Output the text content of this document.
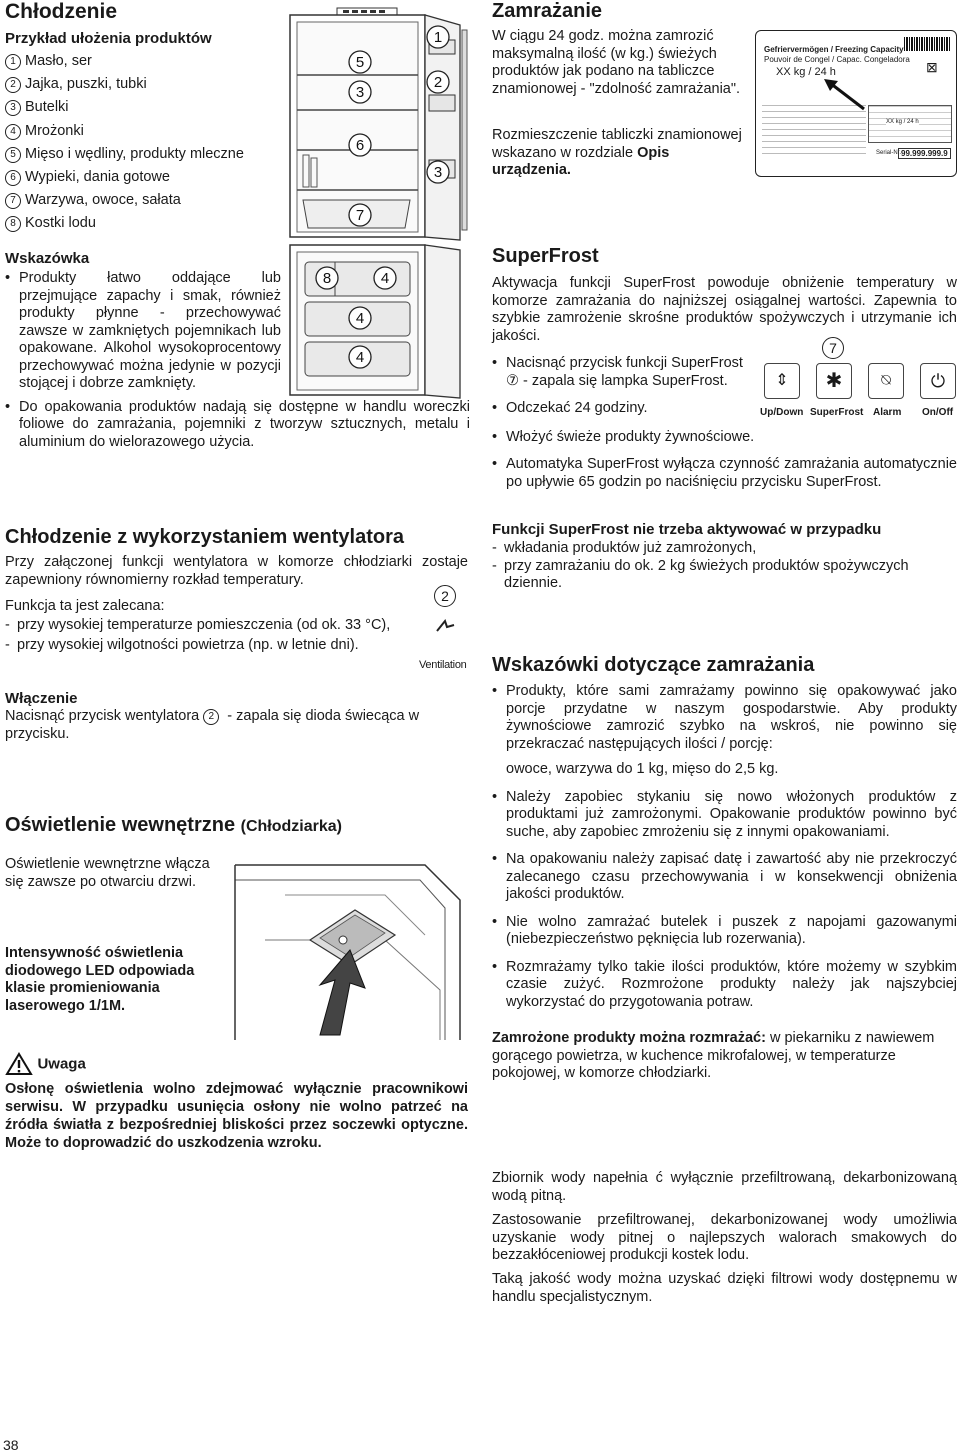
Chłodzenie
Przykład ułożenia produktów
1 Masło, ser
2 Jajka, puszki, tubki
3 Butelki
4 Mrożonki
5 Mięso i wędliny, produkty mleczne
6 Wypieki, dania gotowe
7 Warzywa, owoce, sałata
8 Kostki lodu
Wskazówka
• Produkty łatwo oddające lub przejmujące zapachy i smak, również produkty płynne - przechowywać zawsze w zamkniętych pojemnikach lub opakowane. Alkohol wysokoprocentowy przechowywać można jedynie w pozycji stojącej i dobrze zamknięty.
• Do opakowania produktów nadają się dostępne w handlu woreczki foliowe do zamrażania, pojemniki z tworzyw sztucznych, metalu i aluminium do wielorazowego użycia.
Chłodzenie z wykorzystaniem wentylatora
Przy załączonej funkcji wentylatora w komorze chłodziarki zostaje zapewniony równomierny rozkład temperatury.
Funkcja ta jest zalecana:
- przy wysokiej temperaturze pomieszczenia (od ok. 33 °C),
- przy wysokiej wilgotności powietrza (np. w letnie dni).
2
Ventilation
Włączenie
Nacisnąć przycisk wentylatora 2 - zapala się dioda świecąca w przycisku.
Oświetlenie wewnętrzne (Chłodziarka)
Oświetlenie wewnętrzne włącza się zawsze po otwarciu drzwi.
Intensywność oświetlenia diodowego LED odpowiada klasie promieniowania laserowego 1/1M.
Uwaga
Osłonę oświetlenia wolno zdejmować wyłącznie pracownikowi serwisu. W przypadku usunięcia osłony nie wolno patrzeć na źródła światła z bezpośredniej bliskości przez soczewki optyczne. Może to doprowadzić do uszkodzenia wzroku.
5
3
6
7
1
2
3
8	4
4
4
Zamrażanie
W ciągu 24 godz. można zamrozić maksymalną ilość (w kg.) świeżych produktów jak podano na tabliczce znamionowej - "zdolność zamrażania".
Rozmieszczenie tabliczki znamionowej wskazano w rozdziale Opis urządzenia.
Gefriervermögen / Freezing Capacity
Pouvoir de Congel / Capac. Congeladora
XX kg / 24 h	⊠
XX kg / 24 h
Serial-Nr. 99.999.999.9
SuperFrost
Aktywacja funkcji SuperFrost powoduje obniżenie temperatury w komorze zamrażania do najniższej osiągalnej wartości. Zapewnia to szybkie zamrożenie skrośne produktów spożywczych i utrzymanie ich jakości.
• Nacisnąć przycisk funkcji SuperFrost ⑦ - zapala się lampka SuperFrost.
• Odczekać 24 godziny.
• Włożyć świeże produkty żywnościowe.
• Automatyka SuperFrost wyłącza czynność zamrażania automatycznie po upływie 65 godzin po naciśnięciu przycisku SuperFrost.
7
⇕	✱	⍉	⏻
Up/Down SuperFrost Alarm On/Off
Funkcji SuperFrost nie trzeba aktywować w przypadku
- wkładania produktów już zamrożonych,
- przy zamrażaniu do ok. 2 kg świeżych produktów spożywczych dziennie.
Wskazówki dotyczące zamrażania
• Produkty, które sami zamrażamy powinno się opakowywać jako porcje przydatne w naszym gospodarstwie. Aby produkty żywnościowe zamrozić szybko na wskroś, nie powinno się przekraczać następujących ilości / porcję:
owoce, warzywa do 1 kg, mięso do 2,5 kg.
• Należy zapobiec stykaniu się nowo włożonych produktów z produktami już zamrożonymi. Opakowanie produktów powinno być suche, aby zapobiec zmrożeniu się z innymi opakowaniami.
• Na opakowaniu należy zapisać datę i zawartość aby nie przekroczyć zalecanego czasu przechowywania i w konsekwencji obniżenia jakości produktów.
• Nie wolno zamrażać butelek i puszek z napojami gazowanymi (niebezpieczeństwo pęknięcia lub rozerwania).
• Rozmrażamy tylko takie ilości produktów, które możemy w szybkim czasie zużyć. Rozmrożone produkty należy jak najszybciej wykorzystać do przygotowania potraw.
Zamrożone produkty można rozmrażać: w piekarniku z nawiewem gorącego powietrza, w kuchence mikrofalowej, w temperaturze pokojowej, w komorze chłodziarki.
Zbiornik wody napełnia ć wyłącznie przefiltrowaną, dekarbonizowaną wodą pitną.
Zastosowanie przefiltrowanej, dekarbonizowanej wody umożliwia uzyskanie wody pitnej o najlepszych walorach smakowych do bezzakłóceniowej produkcji kostek lodu.
Taką jakość wody można uzyskać dzięki filtrowi wody dostępnemu w handlu specjalistycznym.
38
